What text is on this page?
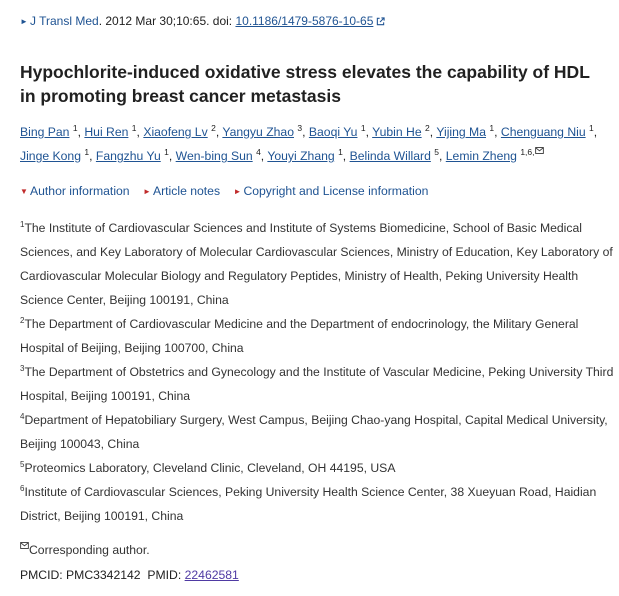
► J Transl Med. 2012 Mar 30;10:65. doi: 10.1186/1479-5876-10-65
Hypochlorite-induced oxidative stress elevates the capability of HDL in promoting breast cancer metastasis
Bing Pan $^1$, Hui Ren $^1$, Xiaofeng Lv $^2$, Yangyu Zhao $^3$, Baoqi Yu $^1$, Yubin He $^2$, Yijing Ma $^1$, Chenguang Niu $^1$, Jinge Kong $^1$, Fangzhu Yu $^1$, Wen-bing Sun $^4$, Youyi Zhang $^1$, Belinda Willard $^5$, Lemin Zheng $^{1,6,}$
▼ Author information ► Article notes ► Copyright and License information
$^1$The Institute of Cardiovascular Sciences and Institute of Systems Biomedicine, School of Basic Medical Sciences, and Key Laboratory of Molecular Cardiovascular Sciences, Ministry of Education, Key Laboratory of Cardiovascular Molecular Biology and Regulatory Peptides, Ministry of Health, Peking University Health Science Center, Beijing 100191, China
$^2$The Department of Cardiovascular Medicine and the Department of endocrinology, the Military General Hospital of Beijing, Beijing 100700, China
$^3$The Department of Obstetrics and Gynecology and the Institute of Vascular Medicine, Peking University Third Hospital, Beijing 100191, China
$^4$Department of Hepatobiliary Surgery, West Campus, Beijing Chao-yang Hospital, Capital Medical University, Beijing 100043, China
$^5$Proteomics Laboratory, Cleveland Clinic, Cleveland, OH 44195, USA
$^6$Institute of Cardiovascular Sciences, Peking University Health Science Center, 38 Xueyuan Road, Haidian District, Beijing 100191, China
Corresponding author.
PMCID: PMC3342142 PMID: 22462581
